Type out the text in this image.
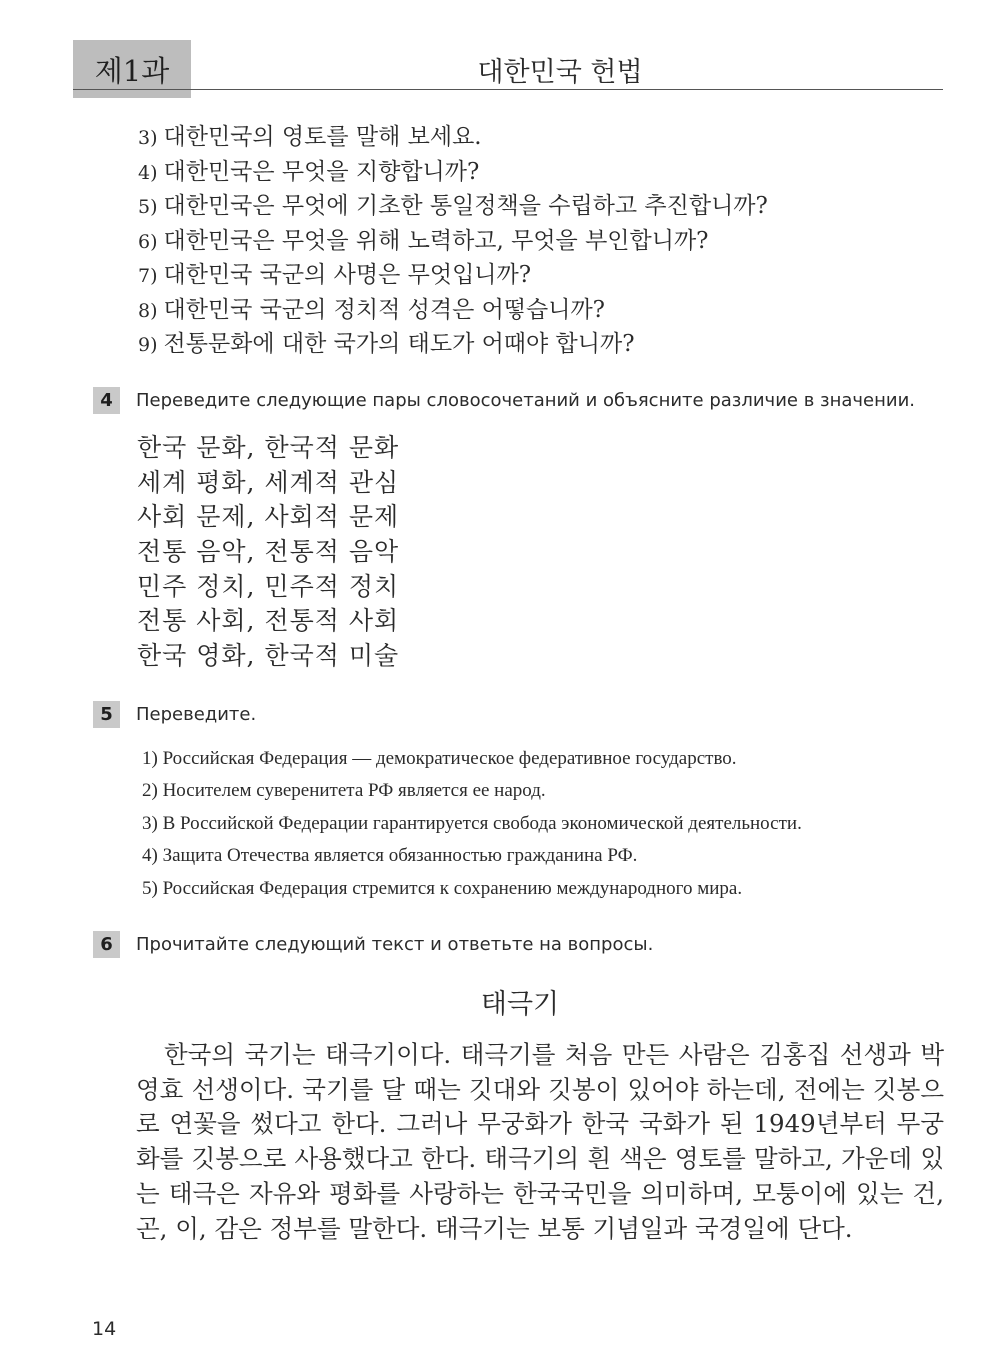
제1과	대한민국 헌법
3) 대한민국의 영토를 말해 보세요.
4) 대한민국은 무엇을 지향합니까?
5) 대한민국은 무엇에 기초한 통일정책을 수립하고 추진합니까?
6) 대한민국은 무엇을 위해 노력하고, 무엇을 부인합니까?
7) 대한민국 국군의 사명은 무엇입니까?
8) 대한민국 국군의 정치적 성격은 어떻습니까?
9) 전통문화에 대한 국가의 태도가 어때야 합니까?
4	Переведите следующие пары словосочетаний и объясните различие в значении.
한국 문화, 한국적 문화
세계 평화, 세계적 관심
사회 문제, 사회적 문제
전통 음악, 전통적 음악
민주 정치, 민주적 정치
전통 사회, 전통적 사회
한국 영화, 한국적 미술
5	Переведите.
1) Российская Федерация — демократическое федеративное государство.
2) Носителем суверенитета РФ является ее народ.
3) В Российской Федерации гарантируется свобода экономической деятельности.
4) Защита Отечества является обязанностью гражданина РФ.
5) Российская Федерация стремится к сохранению международного мира.
6	Прочитайте следующий текст и ответьте на вопросы.
태극기
한국의 국기는 태극기이다. 태극기를 처음 만든 사람은 김홍집 선생과 박영효 선생이다. 국기를 달 때는 깃대와 깃봉이 있어야 하는데, 전에는 깃봉으로 연꽃을 썼다고 한다. 그러나 무궁화가 한국 국화가 된 1949년부터 무궁화를 깃봉으로 사용했다고 한다. 태극기의 흰 색은 영토를 말하고, 가운데 있는 태극은 자유와 평화를 사랑하는 한국국민을 의미하며, 모퉁이에 있는 건, 곤, 이, 감은 정부를 말한다. 태극기는 보통 기념일과 국경일에 단다.
14
